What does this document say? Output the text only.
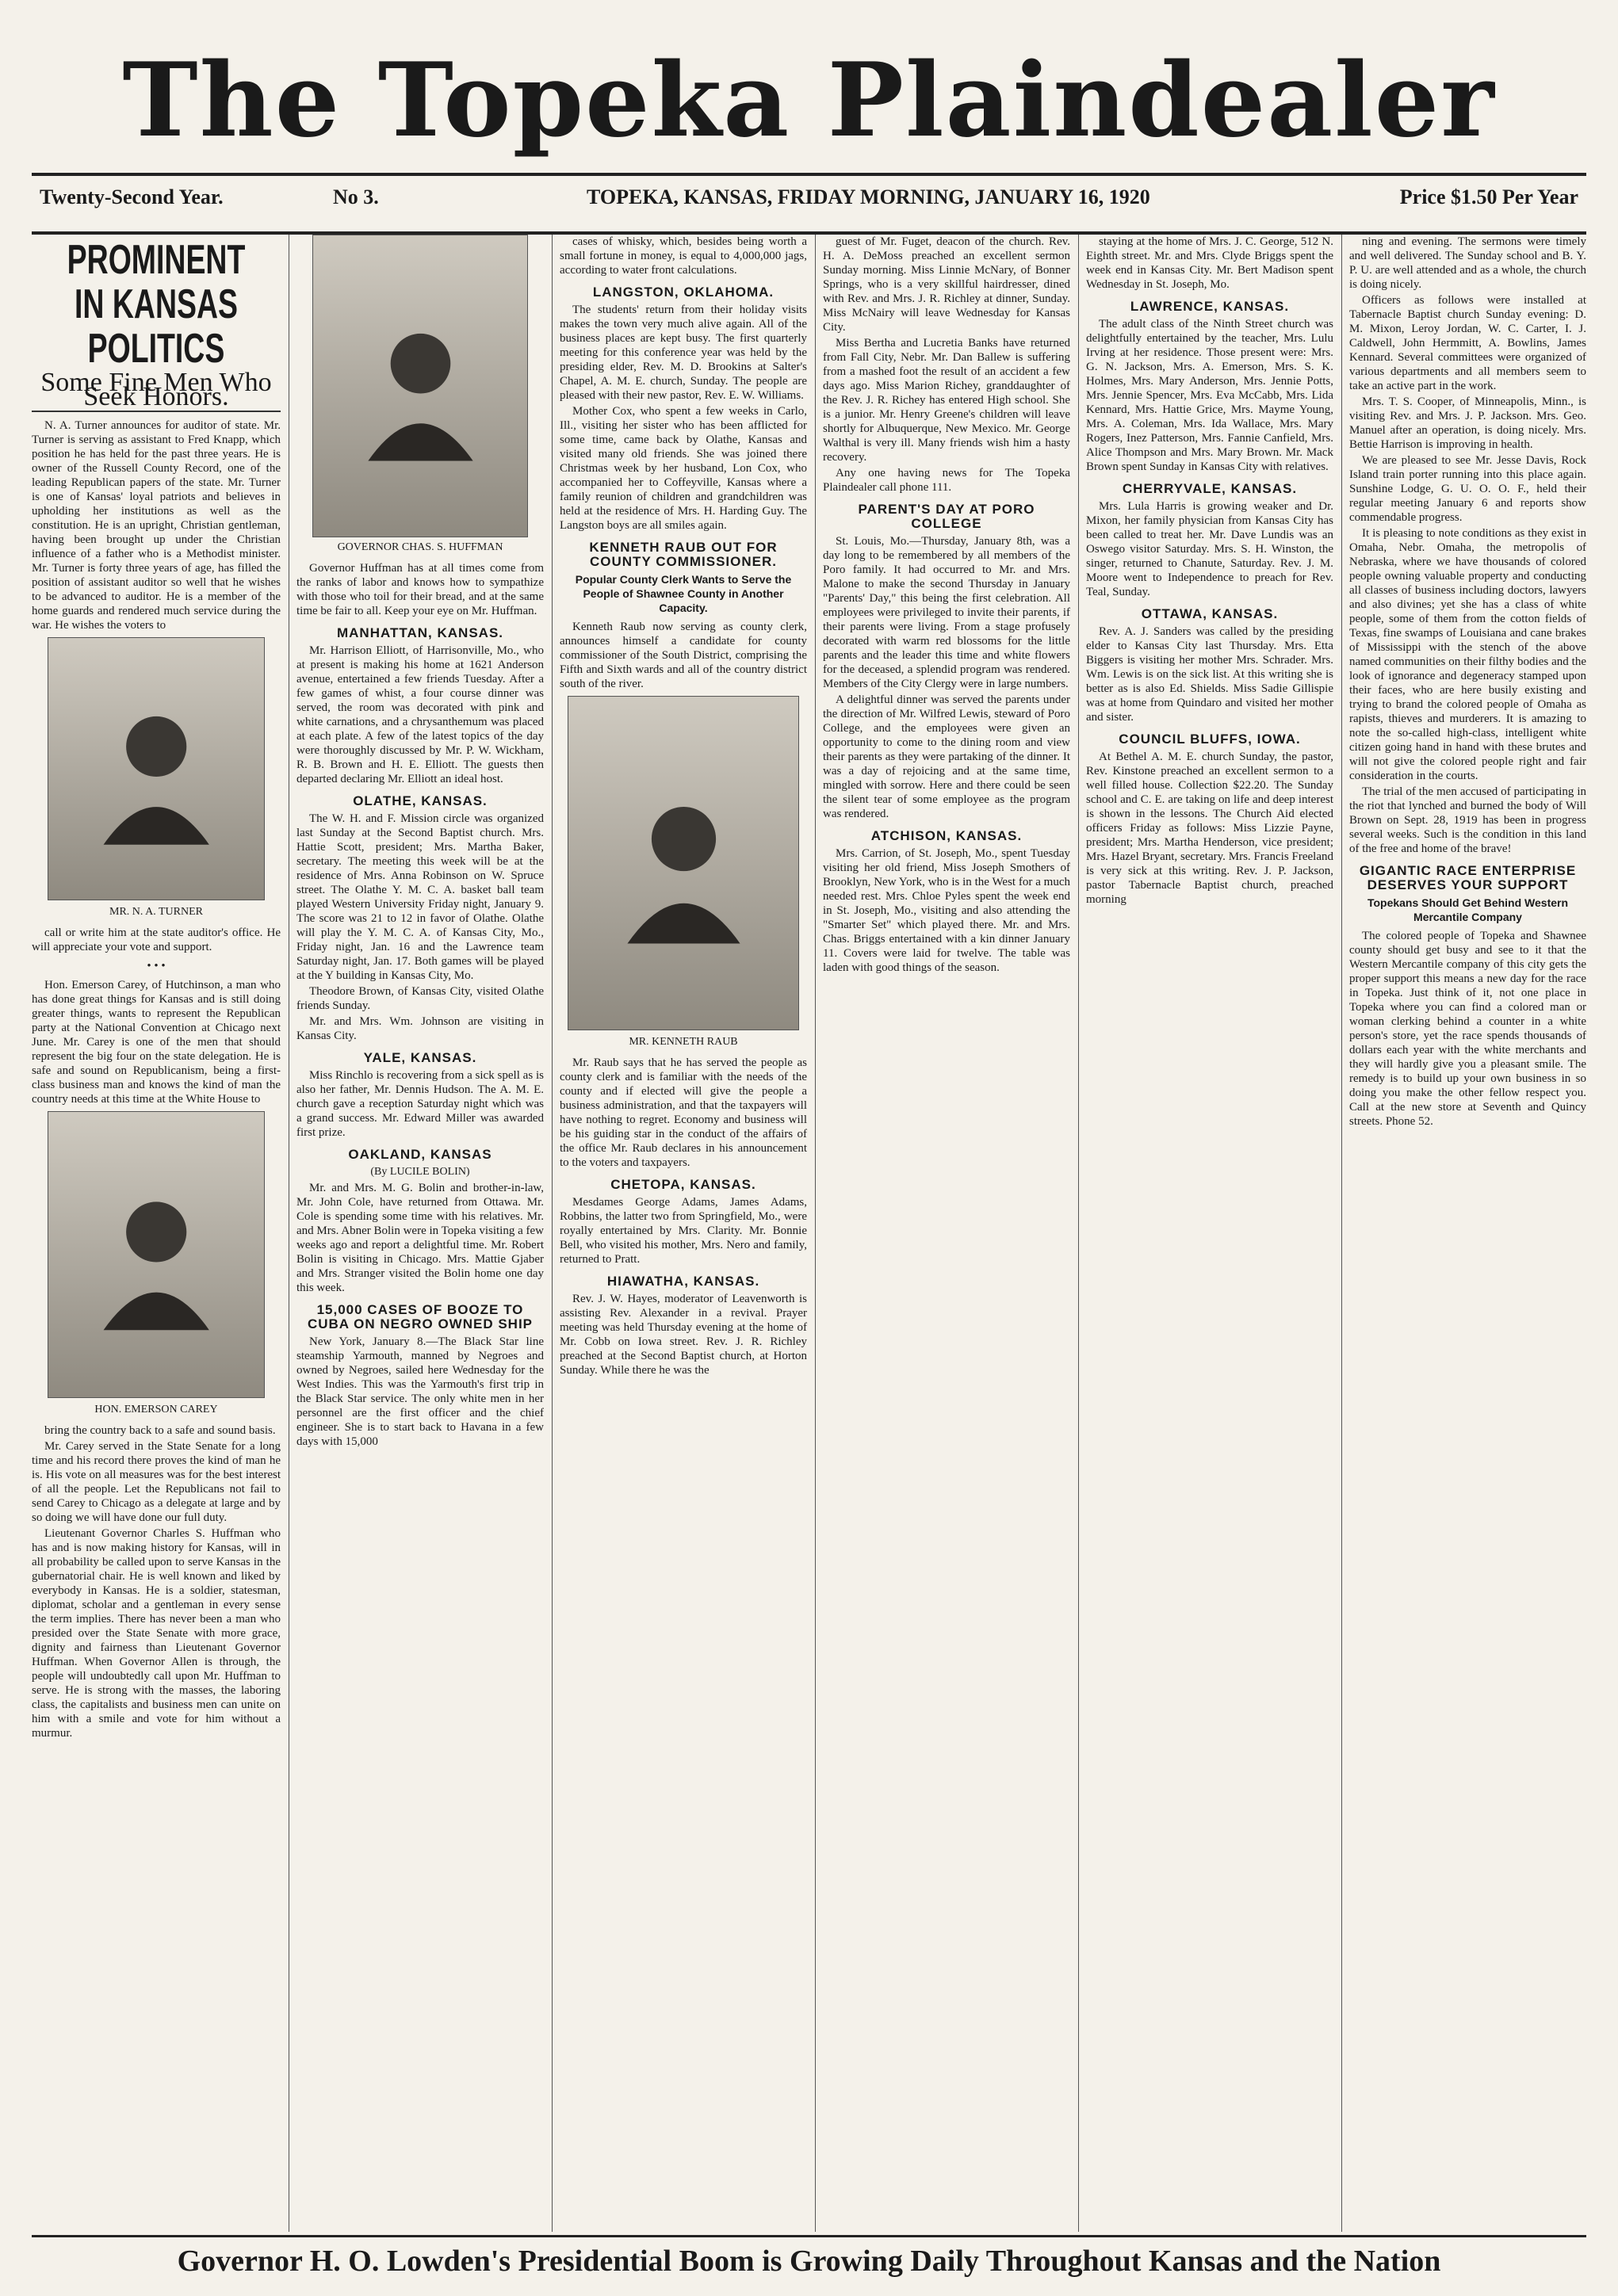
The Topeka Plaindealer
Twenty-Second Year.	No 3.	TOPEKA, KANSAS, FRIDAY MORNING, JANUARY 16, 1920	Price $1.50 Per Year
PROMINENT IN KANSAS POLITICS
Some Fine Men Who Seek Honors.

N. A. Turner announces for auditor of state. Mr. Turner is serving as assistant to Fred Knapp, which position he has held for the past three years. He is owner of the Russell County Record, one of the leading Republican papers of the state. Mr. Turner is one of Kansas' loyal patriots and believes in upholding her institutions as well as the constitution. He is an upright, Christian gentleman, having been brought up under the Christian influence of a father who is a Methodist minister. Mr. Turner is forty three years of age, has filled the position of assistant auditor so well that he wishes to be advanced to auditor. He is a member of the home guards and rendered much service during the war. He wishes the voters to

MR. N. A. TURNER

call or write him at the state auditor's office. He will appreciate your vote and support.

• • •

Hon. Emerson Carey, of Hutchinson, a man who has done great things for Kansas and is still doing greater things, wants to represent the Republican party at the National Convention at Chicago next June. Mr. Carey is one of the men that should represent the big four on the state delegation. He is safe and sound on Republicanism, being a first-class business man and knows the kind of man the country needs at this time at the White House to

HON. EMERSON CAREY

bring the country back to a safe and sound basis.

Mr. Carey served in the State Senate for a long time and his record there proves the kind of man he is. His vote on all measures was for the best interest of all the people. Let the Republicans not fail to send Carey to Chicago as a delegate at large and by so doing we will have done our full duty.

Lieutenant Governor Charles S. Huffman who has and is now making history for Kansas, will in all probability be called upon to serve Kansas in the gubernatorial chair. He is well known and liked by everybody in Kansas. He is a soldier, statesman, diplomat, scholar and a gentleman in every sense the term implies. There has never been a man who presided over the State Senate with more grace, dignity and fairness than Lieutenant Governor Huffman. When Governor Allen is through, the people will undoubtedly call upon Mr. Huffman to serve. He is strong with the masses, the laboring class, the capitalists and business men can unite on him with a smile and vote for him without a murmur.

GOVERNOR CHAS. S. HUFFMAN

Governor Huffman has at all times come from the ranks of labor and knows how to sympathize with those who toil for their bread, and at the same time be fair to all. Keep your eye on Mr. Huffman.

MANHATTAN, KANSAS.

Mr. Harrison Elliott, of Harrisonville, Mo., who at present is making his home at 1621 Anderson avenue, entertained a few friends Tuesday. After a few games of whist, a four course dinner was served, the room was decorated with pink and white carnations, and a chrysanthemum was placed at each plate. A few of the latest topics of the day were thoroughly discussed by Mr. P. W. Wickham, R. B. Brown and H. E. Elliott. The guests then departed declaring Mr. Elliott an ideal host.

OLATHE, KANSAS.

The W. H. and F. Mission circle was organized last Sunday at the Second Baptist church. Mrs. Hattie Scott, president; Mrs. Martha Baker, secretary. The meeting this week will be at the residence of Mrs. Anna Robinson on W. Spruce street. The Olathe Y. M. C. A. basket ball team played Western University Friday night, January 9. The score was 21 to 12 in favor of Olathe. Olathe will play the Y. M. C. A. of Kansas City, Mo., Friday night, Jan. 16 and the Lawrence team Saturday night, Jan. 17. Both games will be played at the Y building in Kansas City, Mo.

Theodore Brown, of Kansas City, visited Olathe friends Sunday.

Mr. and Mrs. Wm. Johnson are visiting in Kansas City.

YALE, KANSAS.

Miss Rinchlo is recovering from a sick spell as is also her father, Mr. Dennis Hudson. The A. M. E. church gave a reception Saturday night which was a grand success. Mr. Edward Miller was awarded first prize.

OAKLAND, KANSAS
(By LUCILE BOLIN)

Mr. and Mrs. M. G. Bolin and brother-in-law, Mr. John Cole, have returned from Ottawa. Mr. Cole is spending some time with his relatives. Mr. and Mrs. Abner Bolin were in Topeka visiting a few weeks ago and report a delightful time. Mr. Robert Bolin is visiting in Chicago. Mrs. Mattie Gjaber and Mrs. Stranger visited the Bolin home one day this week.

15,000 CASES OF BOOZE TO CUBA ON NEGRO OWNED SHIP

New York, January 8.—The Black Star line steamship Yarmouth, manned by Negroes and owned by Negroes, sailed here Wednesday for the West Indies. This was the Yarmouth's first trip in the Black Star service. The only white men in her personnel are the first officer and the chief engineer. She is to start back to Havana in a few days with 15,000

cases of whisky, which, besides being worth a small fortune in money, is equal to 4,000,000 jags, according to water front calculations.

LANGSTON, OKLAHOMA.

The students' return from their holiday visits makes the town very much alive again. All of the business places are kept busy. The first quarterly meeting for this conference year was held by the presiding elder, Rev. M. D. Brookins at Salter's Chapel, A. M. E. church, Sunday. The people are pleased with their new pastor, Rev. E. W. Williams.

Mother Cox, who spent a few weeks in Carlo, Ill., visiting her sister who has been afflicted for some time, came back by Olathe, Kansas and visited many old friends. She was joined there Christmas week by her husband, Lon Cox, who accompanied her to Coffeyville, Kansas where a family reunion of children and grandchildren was held at the residence of Mrs. H. Harding Guy. The Langston boys are all smiles again.

KENNETH RAUB OUT FOR COUNTY COMMISSIONER.
Popular County Clerk Wants to Serve the People of Shawnee County in Another Capacity.

Kenneth Raub now serving as county clerk, announces himself a candidate for county commissioner of the South District, comprising the Fifth and Sixth wards and all of the country district south of the river.

MR. KENNETH RAUB

Mr. Raub says that he has served the people as county clerk and is familiar with the needs of the county and if elected will give the people a business administration, and that the taxpayers will have nothing to regret. Economy and business will be his guiding star in the conduct of the affairs of the office Mr. Raub declares in his announcement to the voters and taxpayers.

CHETOPA, KANSAS.

Mesdames George Adams, James Adams, Robbins, the latter two from Springfield, Mo., were royally entertained by Mrs. Clarity. Mr. Bonnie Bell, who visited his mother, Mrs. Nero and family, returned to Pratt.

HIAWATHA, KANSAS.

Rev. J. W. Hayes, moderator of Leavenworth is assisting Rev. Alexander in a revival. Prayer meeting was held Thursday evening at the home of Mr. Cobb on Iowa street. Rev. J. R. Richley preached at the Second Baptist church, at Horton Sunday. While there he was the

guest of Mr. Fuget, deacon of the church. Rev. H. A. DeMoss preached an excellent sermon Sunday morning. Miss Linnie McNary, of Bonner Springs, who is a very skillful hairdresser, dined with Rev. and Mrs. J. R. Richley at dinner, Sunday. Miss McNairy will leave Wednesday for Kansas City.

Miss Bertha and Lucretia Banks have returned from Fall City, Nebr. Mr. Dan Ballew is suffering from a mashed foot the result of an accident a few days ago. Miss Marion Richey, granddaughter of the Rev. J. R. Richey has entered High school. She is a junior. Mr. Henry Greene's children will leave shortly for Albuquerque, New Mexico. Mr. George Walthal is very ill. Many friends wish him a hasty recovery.

Any one having news for The Topeka Plaindealer call phone 111.

PARENT'S DAY AT PORO COLLEGE

St. Louis, Mo.—Thursday, January 8th, was a day long to be remembered by all members of the Poro family. It had occurred to Mr. and Mrs. Malone to make the second Thursday in January "Parents' Day," this being the first celebration. All employees were privileged to invite their parents, if their parents were living. From a stage profusely decorated with warm red blossoms for the little parents and the leader this time and white flowers for the deceased, a splendid program was rendered. Members of the City Clergy were in large numbers.

A delightful dinner was served the parents under the direction of Mr. Wilfred Lewis, steward of Poro College, and the employees were given an opportunity to come to the dining room and view their parents as they were partaking of the dinner. It was a day of rejoicing and at the same time, mingled with sorrow. Here and there could be seen the silent tear of some employee as the program was rendered.

ATCHISON, KANSAS.

Mrs. Carrion, of St. Joseph, Mo., spent Tuesday visiting her old friend, Miss Joseph Smothers of Brooklyn, New York, who is in the West for a much needed rest. Mrs. Chloe Pyles spent the week end in St. Joseph, Mo., visiting and also attending the "Smarter Set" which played there. Mr. and Mrs. Chas. Briggs entertained with a kin dinner January 11. Covers were laid for twelve. The table was laden with good things of the season.

staying at the home of Mrs. J. C. George, 512 N. Eighth street. Mr. and Mrs. Clyde Briggs spent the week end in Kansas City. Mr. Bert Madison spent Wednesday in St. Joseph, Mo.

LAWRENCE, KANSAS.

The adult class of the Ninth Street church was delightfully entertained by the teacher, Mrs. Lulu Irving at her residence. Those present were: Mrs. G. N. Jackson, Mrs. A. Emerson, Mrs. S. K. Holmes, Mrs. Mary Anderson, Mrs. Jennie Potts, Mrs. Jennie Spencer, Mrs. Eva McCabb, Mrs. Lida Kennard, Mrs. Hattie Grice, Mrs. Mayme Young, Mrs. A. Coleman, Mrs. Ida Wallace, Mrs. Mary Rogers, Inez Patterson, Mrs. Fannie Canfield, Mrs. Alice Thompson and Mrs. Mary Brown. Mr. Mack Brown spent Sunday in Kansas City with relatives.

CHERRYVALE, KANSAS.

Mrs. Lula Harris is growing weaker and Dr. Mixon, her family physician from Kansas City has been called to treat her. Mr. Dave Lundis was an Oswego visitor Saturday. Mrs. S. H. Winston, the singer, returned to Chanute, Saturday. Rev. J. M. Moore went to Independence to preach for Rev. Teal, Sunday.

OTTAWA, KANSAS.

Rev. A. J. Sanders was called by the presiding elder to Kansas City last Thursday. Mrs. Etta Biggers is visiting her mother Mrs. Schrader. Mrs. Wm. Lewis is on the sick list. At this writing she is better as is also Ed. Shields. Miss Sadie Gillispie was at home from Quindaro and visited her mother and sister.

COUNCIL BLUFFS, IOWA.

At Bethel A. M. E. church Sunday, the pastor, Rev. Kinstone preached an excellent sermon to a well filled house. Collection $22.20. The Sunday school and C. E. are taking on life and deep interest is shown in the lessons. The Church Aid elected officers Friday as follows: Miss Lizzie Payne, president; Mrs. Martha Henderson, vice president; Mrs. Hazel Bryant, secretary. Mrs. Francis Freeland is very sick at this writing. Rev. J. P. Jackson, pastor Tabernacle Baptist church, preached morning

ning and evening. The sermons were timely and well delivered. The Sunday school and B. Y. P. U. are well attended and as a whole, the church is doing nicely.

Officers as follows were installed at Tabernacle Baptist church Sunday evening: D. M. Mixon, Leroy Jordan, W. C. Carter, I. J. Caldwell, John Hermmitt, A. Bowlins, James Kennard. Several committees were organized of various departments and all members seem to take an active part in the work.

Mrs. T. S. Cooper, of Minneapolis, Minn., is visiting Rev. and Mrs. J. P. Jackson. Mrs. Geo. Manuel after an operation, is doing nicely. Mrs. Bettie Harrison is improving in health.

We are pleased to see Mr. Jesse Davis, Rock Island train porter running into this place again. Sunshine Lodge, G. U. O. O. F., held their regular meeting January 6 and reports show commendable progress.

It is pleasing to note conditions as they exist in Omaha, Nebr. Omaha, the metropolis of Nebraska, where we have thousands of colored people owning valuable property and conducting all classes of business including doctors, lawyers and also divines; yet she has a class of white people, some of them from the cotton fields of Texas, fine swamps of Louisiana and cane brakes of Mississippi with the stench of the above named communities on their filthy bodies and the look of ignorance and degeneracy stamped upon their faces, who are here busily existing and trying to brand the colored people of Omaha as rapists, thieves and murderers. It is amazing to note the so-called high-class, intelligent white citizen going hand in hand with these brutes and will not give the colored people right and fair consideration in the courts.

The trial of the men accused of participating in the riot that lynched and burned the body of Will Brown on Sept. 28, 1919 has been in progress several weeks. Such is the condition in this land of the free and home of the brave!

GIGANTIC RACE ENTERPRISE DESERVES YOUR SUPPORT
Topekans Should Get Behind Western Mercantile Company

The colored people of Topeka and Shawnee county should get busy and see to it that the Western Mercantile company of this city gets the proper support this means a new day for the race in Topeka. Just think of it, not one place in Topeka where you can find a colored man or woman clerking behind a counter in a white person's store, yet the race spends thousands of dollars each year with the white merchants and they will hardly give you a pleasant smile. The remedy is to build up your own business in so doing you make the other fellow respect you. Call at the new store at Seventh and Quincy streets. Phone 52.

Governor H. O. Lowden's Presidential Boom is Growing Daily Throughout Kansas and the Nation
